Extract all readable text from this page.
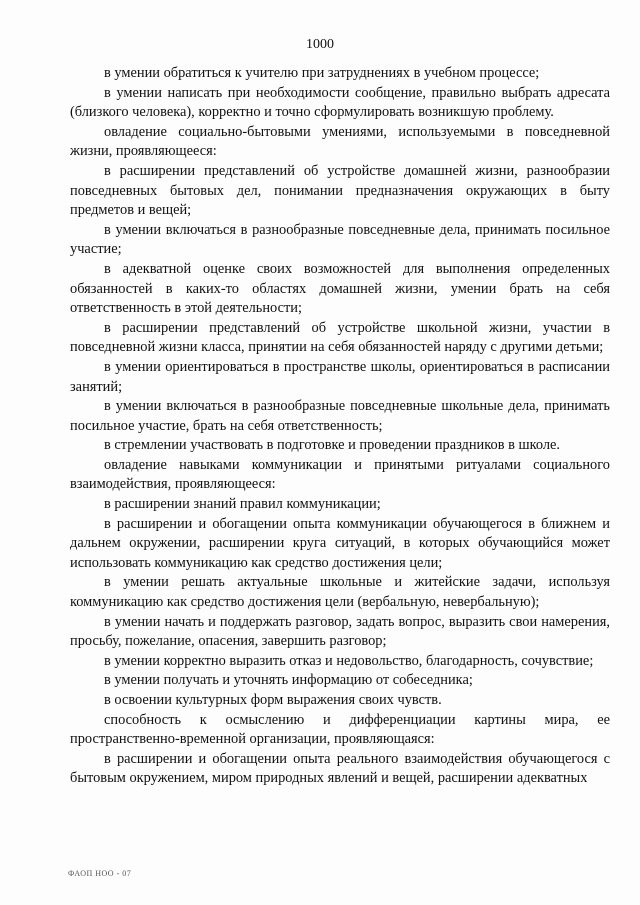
1000

в умении обратиться к учителю при затруднениях в учебном процессе;

в умении написать при необходимости сообщение, правильно выбрать адресата (близкого человека), корректно и точно сформулировать возникшую проблему.

овладение социально-бытовыми умениями, используемыми в повседневной жизни, проявляющееся:

в расширении представлений об устройстве домашней жизни, разнообразии повседневных бытовых дел, понимании предназначения окружающих в быту предметов и вещей;

в умении включаться в разнообразные повседневные дела, принимать посильное участие;

в адекватной оценке своих возможностей для выполнения определенных обязанностей в каких-то областях домашней жизни, умении брать на себя ответственность в этой деятельности;

в расширении представлений об устройстве школьной жизни, участии в повседневной жизни класса, принятии на себя обязанностей наряду с другими детьми;

в умении ориентироваться в пространстве школы, ориентироваться в расписании занятий;

в умении включаться в разнообразные повседневные школьные дела, принимать посильное участие, брать на себя ответственность;

в стремлении участвовать в подготовке и проведении праздников в школе.

овладение навыками коммуникации и принятыми ритуалами социального взаимодействия, проявляющееся:

в расширении знаний правил коммуникации;

в расширении и обогащении опыта коммуникации обучающегося в ближнем и дальнем окружении, расширении круга ситуаций, в которых обучающийся может использовать коммуникацию как средство достижения цели;

в умении решать актуальные школьные и житейские задачи, используя коммуникацию как средство достижения цели (вербальную, невербальную);

в умении начать и поддержать разговор, задать вопрос, выразить свои намерения, просьбу, пожелание, опасения, завершить разговор;

в умении корректно выразить отказ и недовольство, благодарность, сочувствие;

в умении получать и уточнять информацию от собеседника;

в освоении культурных форм выражения своих чувств.

способность к осмыслению и дифференциации картины мира, ее пространственно-временной организации, проявляющаяся:

в расширении и обогащении опыта реального взаимодействия обучающегося с бытовым окружением, миром природных явлений и вещей, расширении адекватных

ФАОП НОО - 07
